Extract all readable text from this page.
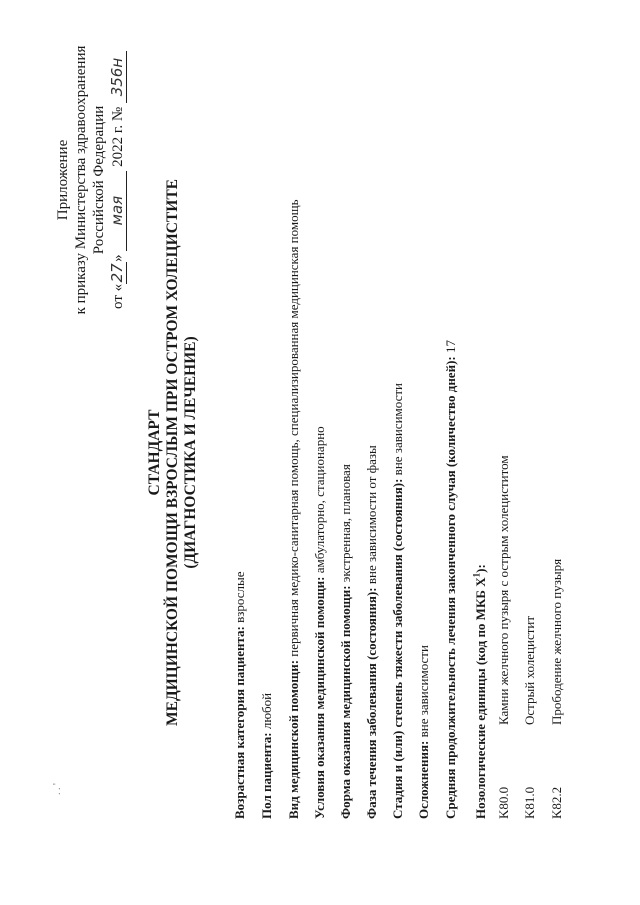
. . '
Приложение к приказу Министерства здравоохранения Российской Федерации
от «27» мая 2022 г. № 356н
СТАНДАРТ МЕДИЦИНСКОЙ ПОМОЩИ ВЗРОСЛЫМ ПРИ ОСТРОМ ХОЛЕЦИСТИТЕ (ДИАГНОСТИКА И ЛЕЧЕНИЕ)
Возрастная категория пациента: взрослые
Пол пациента: любой Вид медицинской помощи: первичная медико-санитарная помощь, специализированная медицинская помощь
Условия оказания медицинской помощи: амбулаторно, стационарно
Форма оказания медицинской помощи: экстренная, плановая
Фаза течения заболевания (состояния): вне зависимости от фазы Стадия и (или) степень тяжести заболевания (состояния): вне зависимости
Осложнения: вне зависимости Средняя продолжительность лечения законченного случая (количество дней): 17
Нозологические единицы (код по МКБ $X^1$):
K80.0
Камни желчного пузыря с острым холециститом
K81.0
Острый холецистит
K82.2
Прободение желчного пузыря
